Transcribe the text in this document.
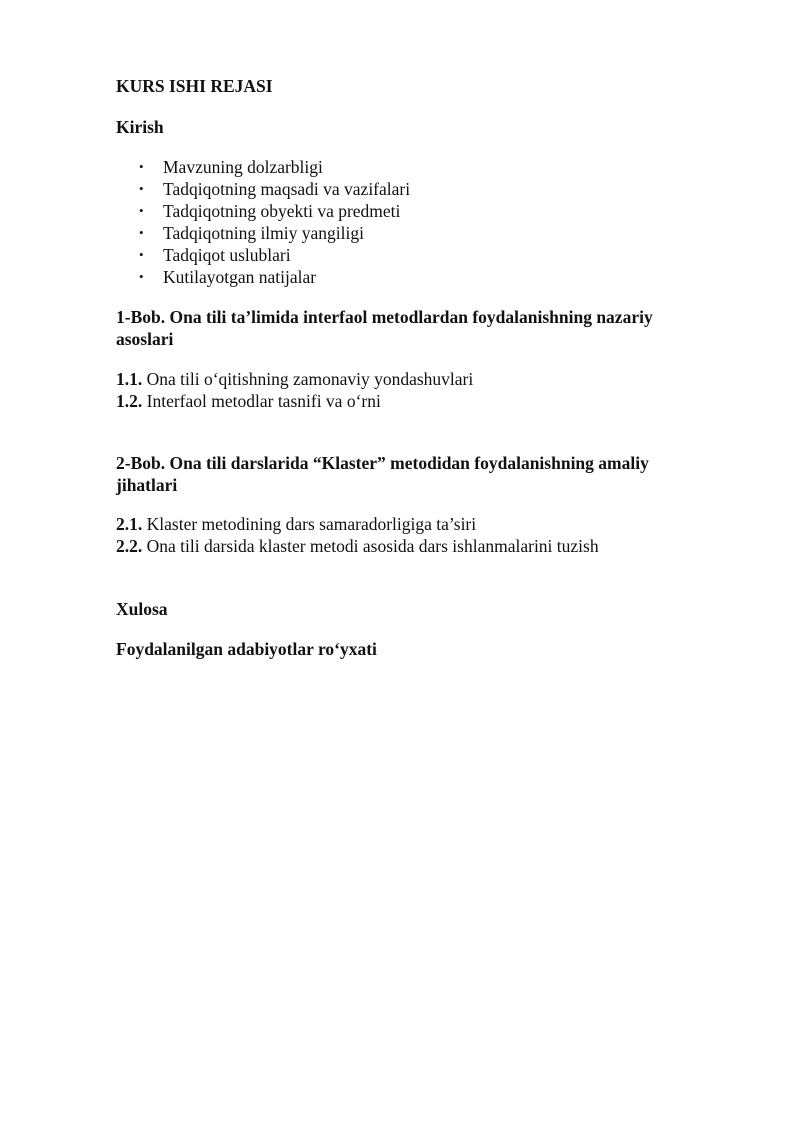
KURS ISHI REJASI

Kirish

• Mavzuning dolzarbligi
• Tadqiqotning maqsadi va vazifalari
• Tadqiqotning obyekti va predmeti
• Tadqiqotning ilmiy yangiligi
• Tadqiqot uslublari
• Kutilayotgan natijalar

1-Bob. Ona tili ta’limida interfaol metodlardan foydalanishning nazariy

asoslari

1.1. Ona tili o‘qitishning zamonaviy yondashuvlari

1.2. Interfaol metodlar tasnifi va o‘rni

2-Bob. Ona tili darslarida “Klaster” metodidan foydalanishning amaliy

jihatlari

2.1. Klaster metodining dars samaradorligiga ta’siri

2.2. Ona tili darsida klaster metodi asosida dars ishlanmalarini tuzish

Xulosa

Foydalanilgan adabiyotlar ro‘yxati
